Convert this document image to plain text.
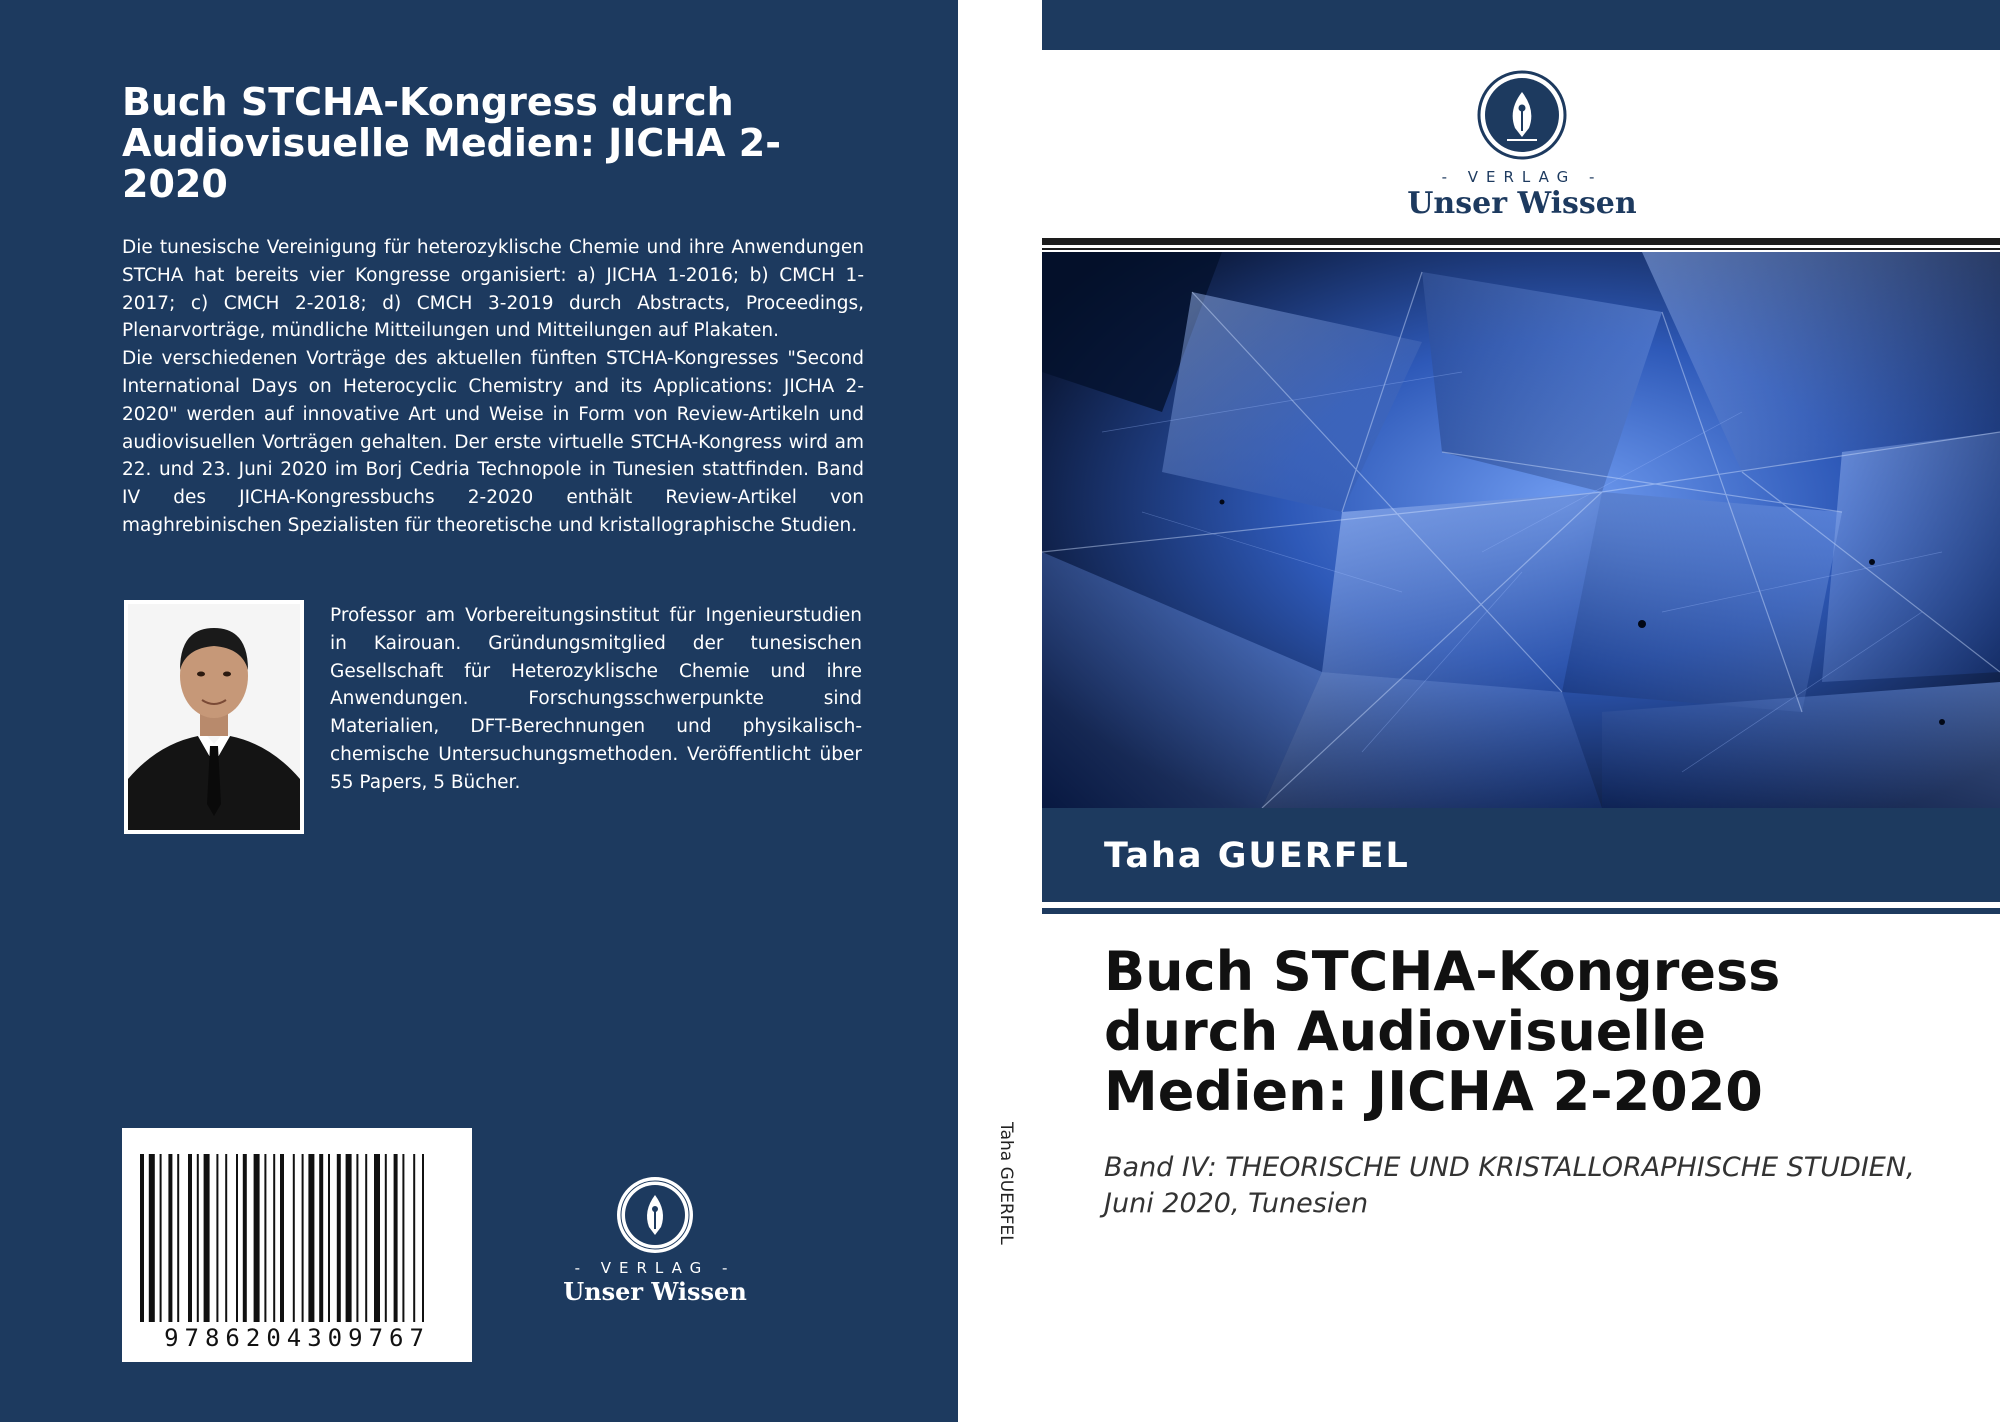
Buch STCHA-Kongress durch Audiovisuelle Medien: JICHA 2-2020

Die tunesische Vereinigung für heterozyklische Chemie und ihre Anwendungen STCHA hat bereits vier Kongresse organisiert: a) JICHA 1-2016; b) CMCH 1-2017; c) CMCH 2-2018; d) CMCH 3-2019 durch Abstracts, Proceedings, Plenarvorträge, mündliche Mitteilungen und Mitteilungen auf Plakaten.

Die verschiedenen Vorträge des aktuellen fünften STCHA-Kongresses "Second International Days on Heterocyclic Chemistry and its Applications: JICHA 2-2020" werden auf innovative Art und Weise in Form von Review-Artikeln und audiovisuellen Vorträgen gehalten. Der erste virtuelle STCHA-Kongress wird am 22. und 23. Juni 2020 im Borj Cedria Technopole in Tunesien stattfinden. Band IV des JICHA-Kongressbuchs 2-2020 enthält Review-Artikel von maghrebinischen Spezialisten für theoretische und kristallographische Studien.

Professor am Vorbereitungsinstitut für Ingenieurstudien in Kairouan. Gründungsmitglied der tunesischen Gesellschaft für Heterozyklische Chemie und ihre Anwendungen. Forschungsschwerpunkte sind Materialien, DFT-Berechnungen und physikalisch-chemische Untersuchungsmethoden. Veröffentlicht über 55 Papers, 5 Bücher.
9786204309767
- VERLAG -
Unser Wissen
Taha GUERFEL
- VERLAG -
Unser Wissen
Taha GUERFEL
Buch STCHA-Kongress durch Audiovisuelle Medien: JICHA 2-2020
Band IV: THEORISCHE UND KRISTALLORAPHISCHE STUDIEN, Juni 2020, Tunesien
